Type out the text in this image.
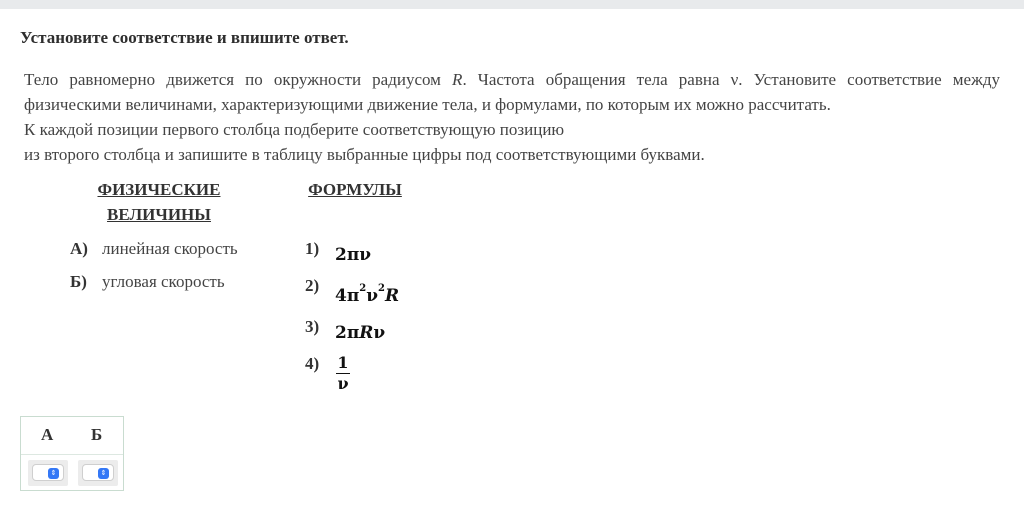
Установите соответствие и впишите ответ.

Тело равномерно движется по окружности радиусом R. Частота обращения тела равна ν. Установите соответствие между физическими величинами, характеризующими движение тела, и формулами, по которым их можно рассчитать.

К каждой позиции первого столбца подберите соответствующую позицию

из второго столбца и запишите в таблицу выбранные цифры под соответствующими буквами.

ФИЗИЧЕСКИЕ
ВЕЛИЧИНЫ
ФОРМУЛЫ
А) линейная скорость
Б) угловая скорость
1) 2πν
2)
$4\pi^2\nu^2R$
3) 2πRν
4) 1
ν
А Б
⇕	⇕
